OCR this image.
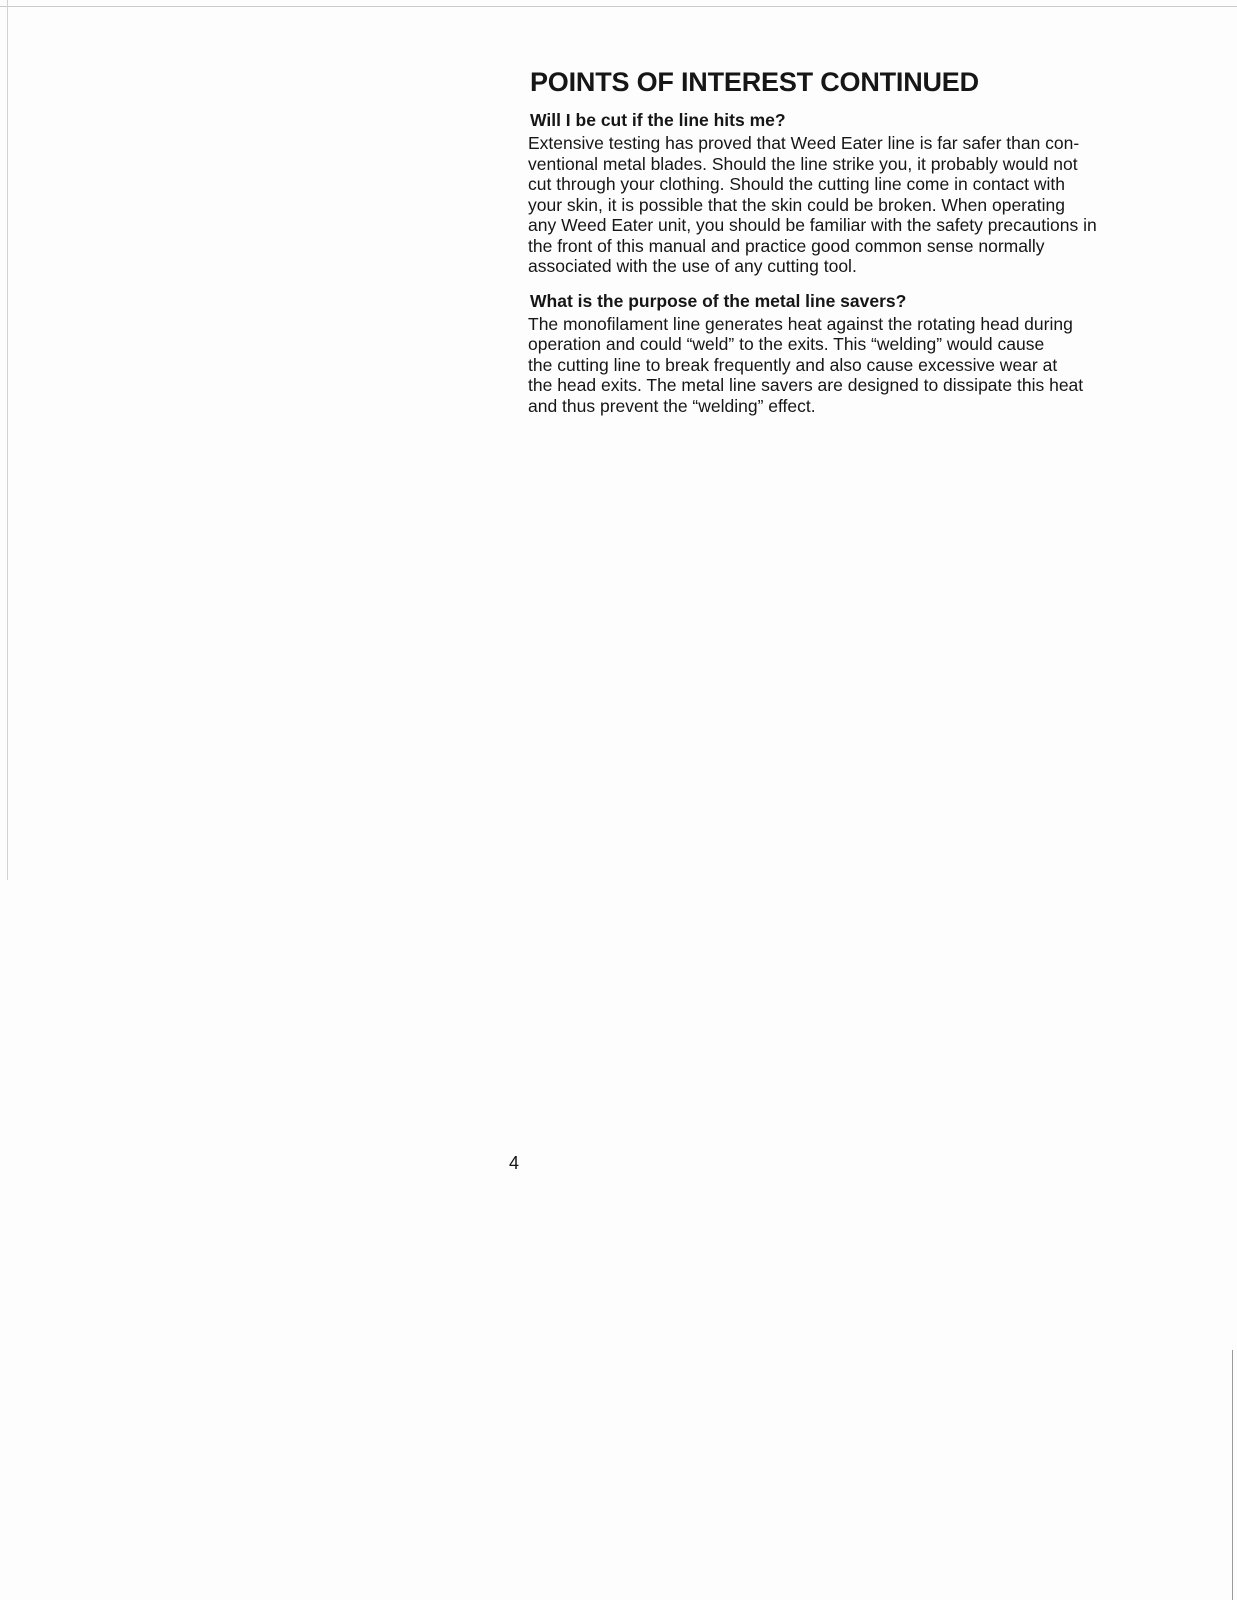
POINTS OF INTEREST CONTINUED
Will I be cut if the line hits me?

Extensive testing has proved that Weed Eater line is far safer than con-
ventional metal blades. Should the line strike you, it probably would not
cut through your clothing. Should the cutting line come in contact with
your skin, it is possible that the skin could be broken. When operating
any Weed Eater unit, you should be familiar with the safety precautions in
the front of this manual and practice good common sense normally
associated with the use of any cutting tool.

What is the purpose of the metal line savers?

The monofilament line generates heat against the rotating head during
operation and could “weld” to the exits. This “welding” would cause
the cutting line to break frequently and also cause excessive wear at
the head exits. The metal line savers are designed to dissipate this heat
and thus prevent the “welding” effect.

4
